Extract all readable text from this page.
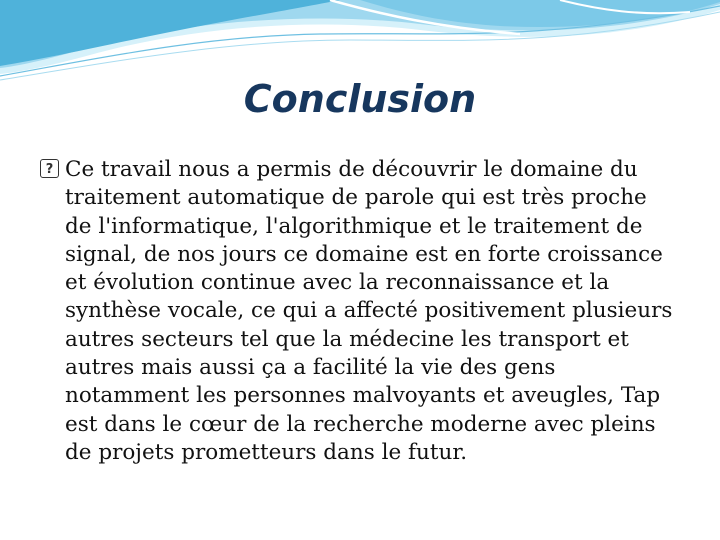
Conclusion
? Ce travail nous a permis de découvrir le domaine du traitement automatique de parole qui est très proche de l'informatique, l'algorithmique et le traitement de signal, de nos jours ce domaine est en forte croissance et évolution continue avec la reconnaissance et la synthèse vocale, ce qui a affecté positivement plusieurs autres secteurs tel que la médecine les transport et autres mais aussi ça a facilité la vie des gens notamment les personnes malvoyants et aveugles, Tap est dans le cœur de la recherche moderne avec pleins de projets prometteurs dans le futur.
